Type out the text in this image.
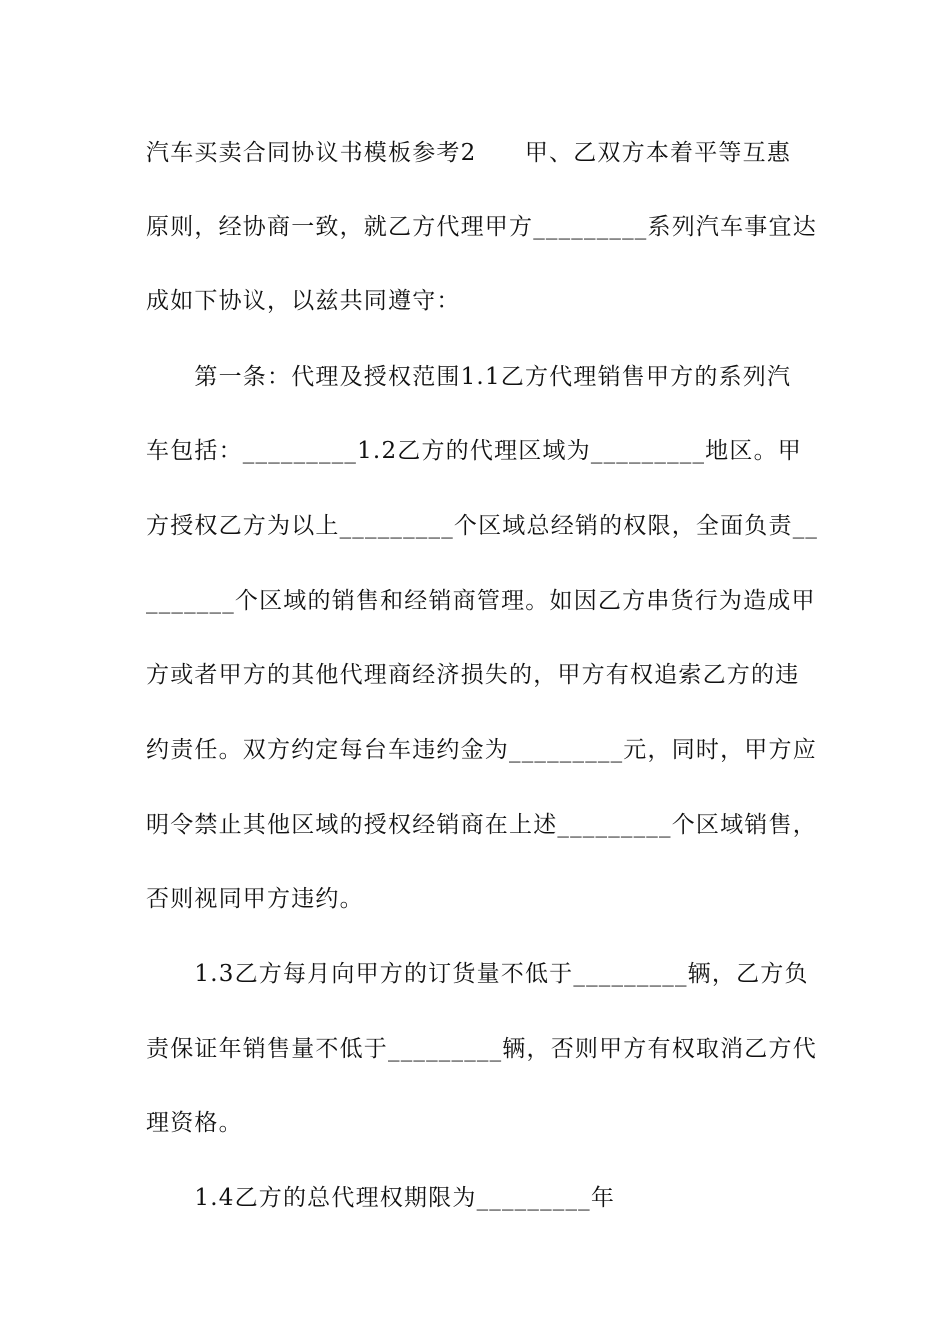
汽车买卖合同协议书模板参考2　　甲、乙双方本着平等互惠
原则，经协商一致，就乙方代理甲方_________系列汽车事宜达
成如下协议，以兹共同遵守：
　　第一条：代理及授权范围1.1乙方代理销售甲方的系列汽
车包括：_________1.2乙方的代理区域为_________地区。甲
方授权乙方为以上_________个区域总经销的权限，全面负责__
_______个区域的销售和经销商管理。如因乙方串货行为造成甲
方或者甲方的其他代理商经济损失的，甲方有权追索乙方的违
约责任。双方约定每台车违约金为_________元，同时，甲方应
明令禁止其他区域的授权经销商在上述_________个区域销售，
否则视同甲方违约。
　　1.3乙方每月向甲方的订货量不低于_________辆，乙方负
责保证年销售量不低于_________辆，否则甲方有权取消乙方代
理资格。
　　1.4乙方的总代理权期限为_________年
